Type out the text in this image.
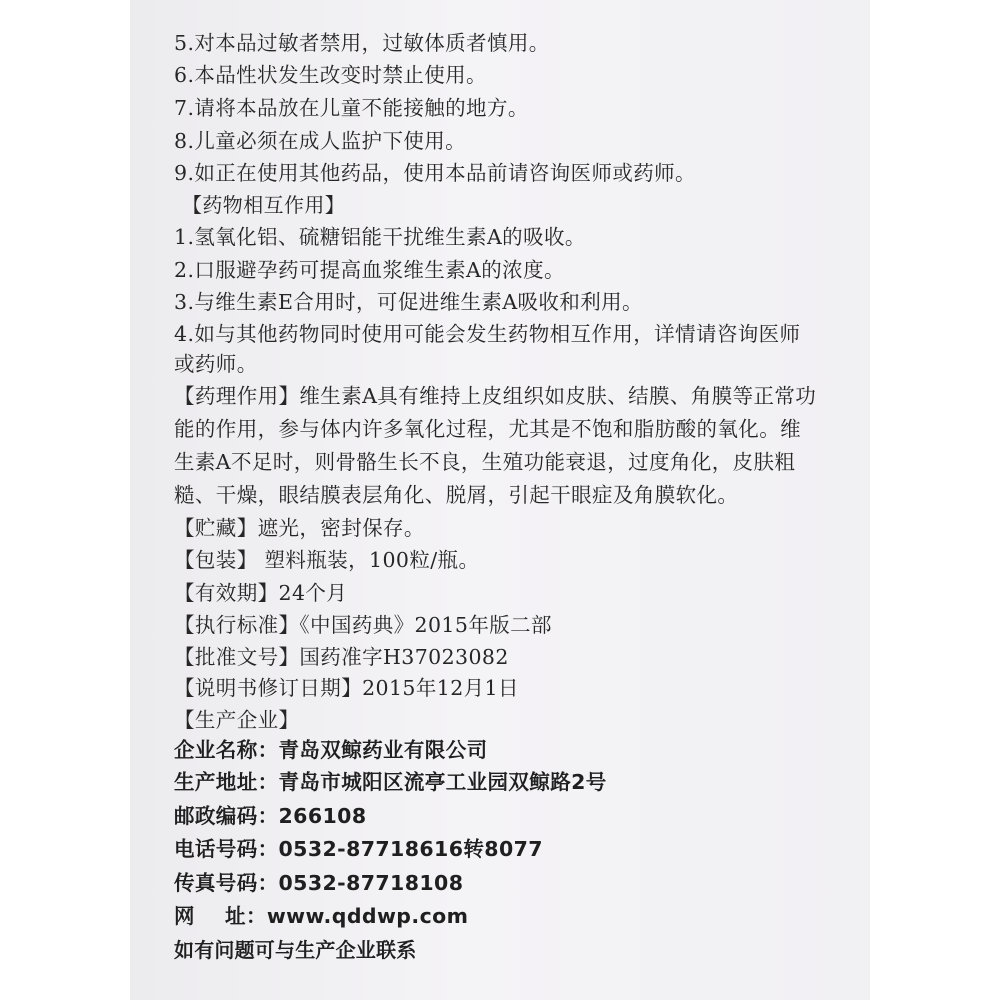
5.对本品过敏者禁用，过敏体质者慎用。
6.本品性状发生改变时禁止使用。
7.请将本品放在儿童不能接触的地方。
8.儿童必须在成人监护下使用。
9.如正在使用其他药品，使用本品前请咨询医师或药师。
【药物相互作用】
1.氢氧化铝、硫糖铝能干扰维生素A的吸收。
2.口服避孕药可提高血浆维生素A的浓度。
3.与维生素E合用时，可促进维生素A吸收和利用。
4.如与其他药物同时使用可能会发生药物相互作用，详情请咨询医师
或药师。
【药理作用】维生素A具有维持上皮组织如皮肤、结膜、角膜等正常功
能的作用，参与体内许多氧化过程，尤其是不饱和脂肪酸的氧化。维
生素A不足时，则骨骼生长不良，生殖功能衰退，过度角化，皮肤粗
糙、干燥，眼结膜表层角化、脱屑，引起干眼症及角膜软化。
【贮藏】遮光，密封保存。
【包装】 塑料瓶装，100粒/瓶。
【有效期】24个月
【执行标准】《中国药典》2015年版二部
【批准文号】国药准字H37023082
【说明书修订日期】2015年12月1日
【生产企业】
企业名称：青岛双鲸药业有限公司
生产地址：青岛市城阳区流亭工业园双鲸路2号
邮政编码：266108
电话号码：0532-87718616转8077
传真号码：0532-87718108
网    址：www.qddwp.com
如有问题可与生产企业联系
